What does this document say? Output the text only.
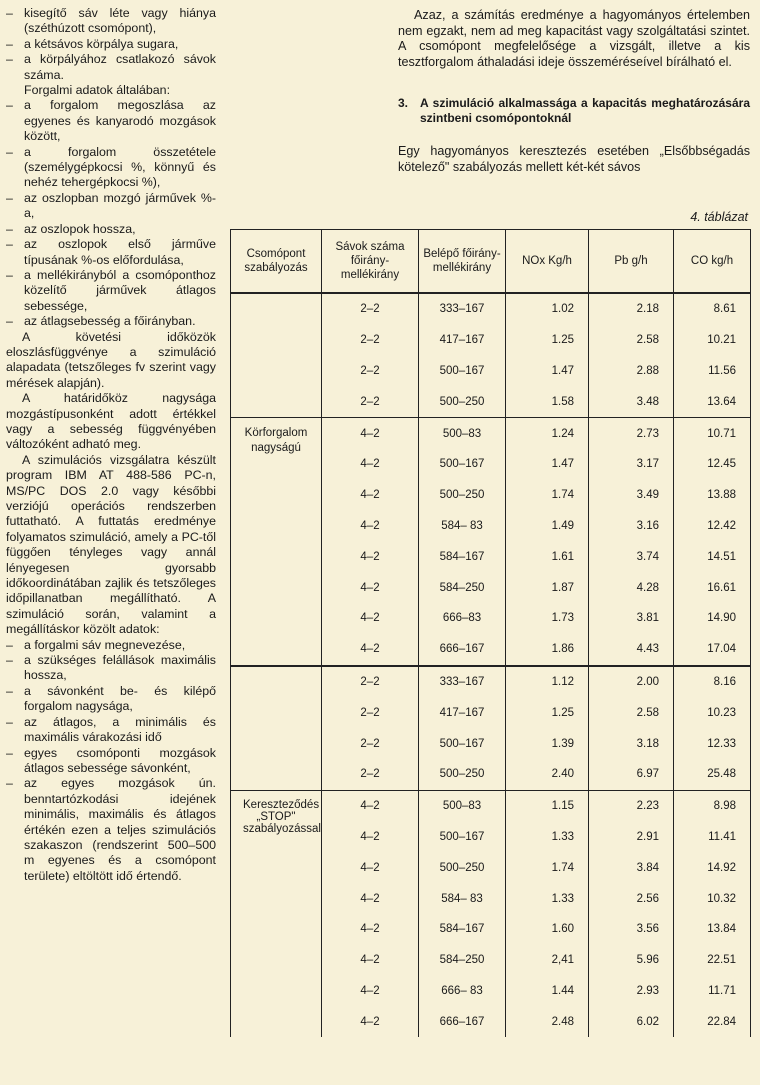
– kisegítő sáv léte vagy hiánya (széthúzott csomópont),
– a kétsávos körpálya sugara,
– a körpályához csatlakozó sávok száma.

Forgalmi adatok általában:

– a forgalom megoszlása az egyenes és kanyarodó mozgások között,
– a forgalom összetétele (személygépkocsi %, könnyű és nehéz tehergépkocsi %),
– az oszlopban mozgó járművek %-a,
– az oszlopok hossza,
– az oszlopok első járműve típusának %-os előfordulása,
– a mellékirányból a csomóponthoz közelítő járművek átlagos sebessége,
– az átlagsebesség a főirányban.

A követési időközök eloszlásfüggvénye a szimuláció alapadata (tetszőleges fv szerint vagy mérések alapján).

A határidőköz nagysága mozgástípusonként adott értékkel vagy a sebesség függvényében változóként adható meg.

A szimulációs vizsgálatra készült program IBM AT 488-586 PC-n, MS/PC DOS 2.0 vagy későbbi verziójú operációs rendszerben futtatható. A futtatás eredménye folyamatos szimuláció, amely a PC-től függően tényleges vagy annál lényegesen gyorsabb időkoordinátában zajlik és tetszőleges időpillanatban megállítható. A szimuláció során, valamint a megállításkor közölt adatok:

– a forgalmi sáv megnevezése,
– a szükséges felállások maximális hossza,
– a sávonként be- és kilépő forgalom nagysága,
– az átlagos, a minimális és maximális várakozási idő
– egyes csomóponti mozgások átlagos sebessége sávonként,
– az egyes mozgások ún. benntartózkodási idejének minimális, maximális és átlagos értékén ezen a teljes szimulációs szakaszon (rendszerint 500–500 m egyenes és a csomópont területe) eltöltött idő értendő.

Azaz, a számítás eredménye a hagyományos értelemben nem egzakt, nem ad meg kapacitást vagy szolgáltatási szintet. A csomópont megfelelősége a vizsgált, illetve a kis tesztforgalom áthaladási ideje összeméréseível bírálható el.

3. A szimuláció alkalmassága a kapacitás meghatározására szintbeni csomópontoknál

Egy hagyományos keresztezés esetében „Elsőbbségadás kötelező" szabályozás mellett két-két sávos

4. táblázat
Csomópont szabályozás	Sávok száma főirány-mellékirány	Belépő főirány-mellékirány	NOx Kg/h	Pb g/h	CO kg/h
	2–2	333–167	1.02	2.18	8.61
	2–2	417–167	1.25	2.58	10.21
	2–2	500–167	1.47	2.88	11.56
	2–2	500–250	1.58	3.48	13.64
Körforgalom nagyságú	4–2	500–83	1.24	2.73	10.71
	4–2	500–167	1.47	3.17	12.45
	4–2	500–250	1.74	3.49	13.88
	4–2	584– 83	1.49	3.16	12.42
	4–2	584–167	1.61	3.74	14.51
	4–2	584–250	1.87	4.28	16.61
	4–2	666–83	1.73	3.81	14.90
	4–2	666–167	1.86	4.43	17.04
	2–2	333–167	1.12	2.00	8.16
	2–2	417–167	1.25	2.58	10.23
	2–2	500–167	1.39	3.18	12.33
	2–2	500–250	2.40	6.97	25.48
Kereszteződés „STOP" szabályozással	4–2	500–83	1.15	2.23	8.98
	4–2	500–167	1.33	2.91	11.41
	4–2	500–250	1.74	3.84	14.92
	4–2	584– 83	1.33	2.56	10.32
	4–2	584–167	1.60	3.56	13.84
	4–2	584–250	2,41	5.96	22.51
	4–2	666– 83	1.44	2.93	11.71
	4–2	666–167	2.48	6.02	22.84
